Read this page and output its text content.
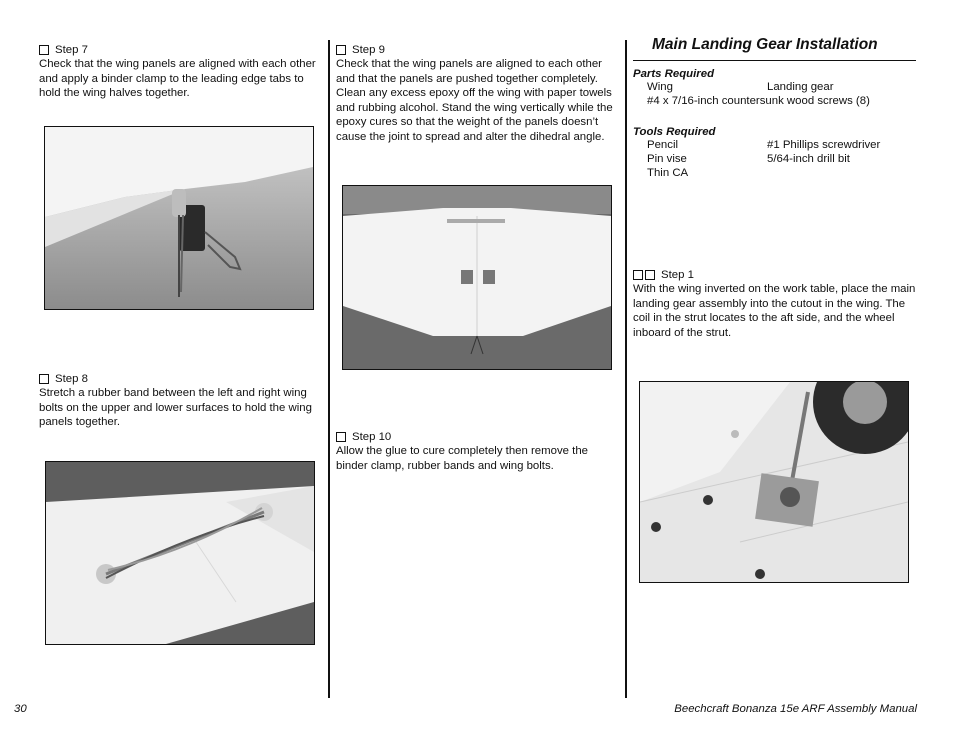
Step 7
Check that the wing panels are aligned with each other and apply a binder clamp to the leading edge tabs to hold the wing halves together.
Step 8
Stretch a rubber band between the left and right wing bolts on the upper and lower surfaces to hold the wing panels together.
Step 9
Check that the wing panels are aligned to each other and that the panels are pushed together completely. Clean any excess epoxy off the wing with paper towels and rubbing alcohol. Stand the wing vertically while the epoxy cures so that the weight of the panels doesn’t cause the joint to spread and alter the dihedral angle.
Step 10
Allow the glue to cure completely then remove the binder clamp, rubber bands and wing bolts.
Main Landing Gear Installation
Parts Required
Wing	Landing gear
#4 x 7/16-inch countersunk wood screws (8)
Tools Required
Pencil	#1 Phillips screwdriver
Pin vise	5/64-inch drill bit
Thin CA
Step 1
With the wing inverted on the work table, place the main landing gear assembly into the cutout in the wing. The coil in the strut locates to the aft side, and the wheel inboard of the strut.
30	Beechcraft Bonanza 15e ARF Assembly Manual
